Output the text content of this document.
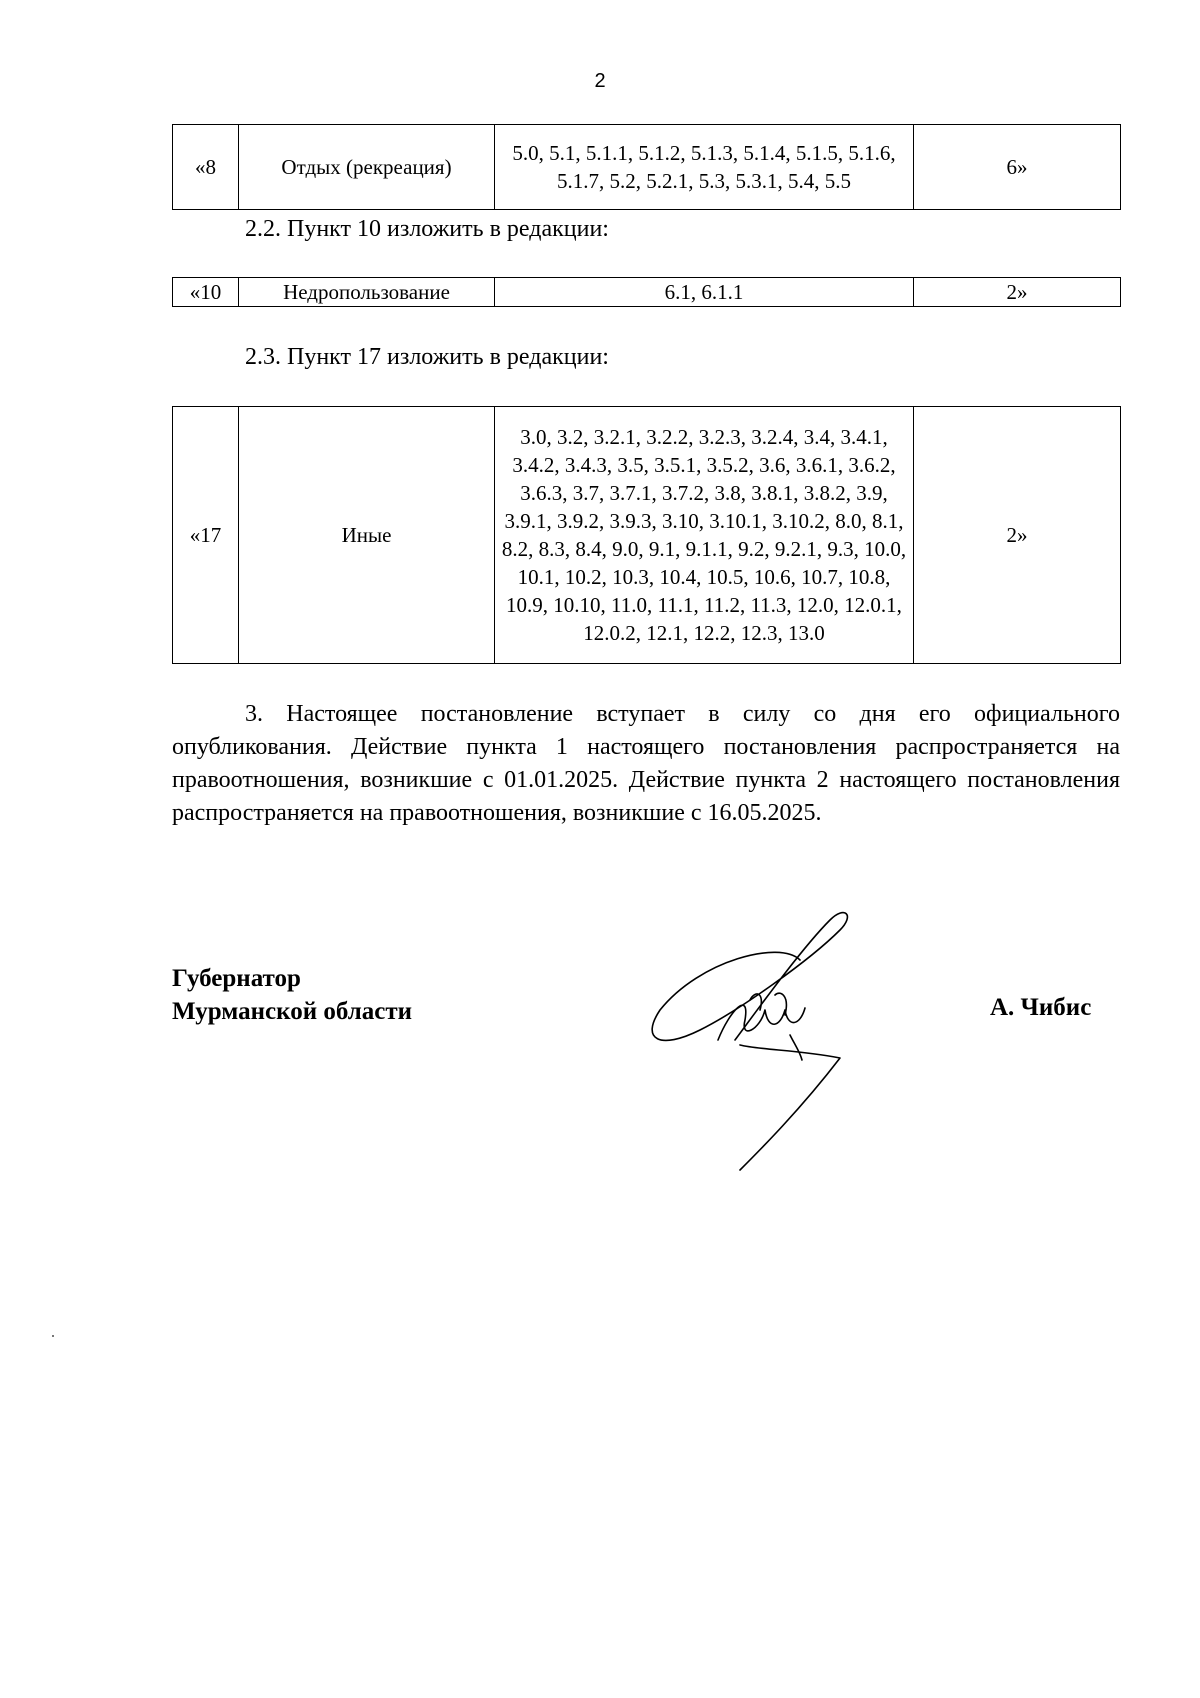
2
«8	Отдых (рекреация)	5.0, 5.1, 5.1.1, 5.1.2, 5.1.3, 5.1.4, 5.1.5, 5.1.6, 5.1.7, 5.2, 5.2.1, 5.3, 5.3.1, 5.4, 5.5	6»
2.2. Пункт 10 изложить в редакции:
«10	Недропользование	6.1, 6.1.1	2»
2.3. Пункт 17 изложить в редакции:
«17	Иные	3.0, 3.2, 3.2.1, 3.2.2, 3.2.3, 3.2.4, 3.4, 3.4.1, 3.4.2, 3.4.3, 3.5, 3.5.1, 3.5.2, 3.6, 3.6.1, 3.6.2, 3.6.3, 3.7, 3.7.1, 3.7.2, 3.8, 3.8.1, 3.8.2, 3.9, 3.9.1, 3.9.2, 3.9.3, 3.10, 3.10.1, 3.10.2, 8.0, 8.1, 8.2, 8.3, 8.4, 9.0, 9.1, 9.1.1, 9.2, 9.2.1, 9.3, 10.0, 10.1, 10.2, 10.3, 10.4, 10.5, 10.6, 10.7, 10.8, 10.9, 10.10, 11.0, 11.1, 11.2, 11.3, 12.0, 12.0.1, 12.0.2, 12.1, 12.2, 12.3, 13.0	2»

3. Настоящее постановление вступает в силу со дня его официального опубликования. Действие пункта 1 настоящего постановления распространяется на правоотношения, возникшие с 01.01.2025. Действие пункта 2 настоящего постановления распространяется на правоотношения, возникшие с 16.05.2025.

Губернатор
Мурманской области	А. Чибис
